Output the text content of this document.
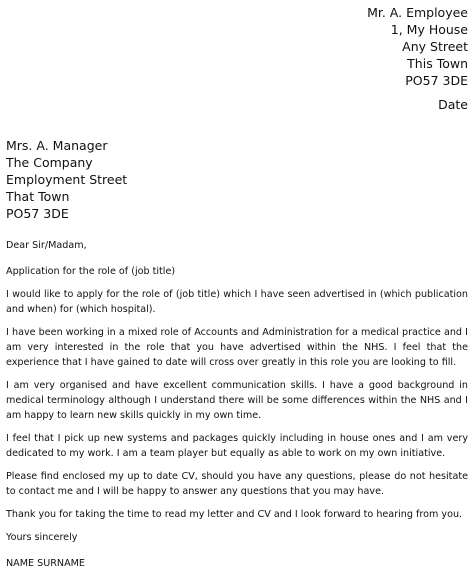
Mr. A. Employee
1, My House
Any Street
This Town
PO57 3DE
Date
Mrs. A. Manager
The Company
Employment Street
That Town
PO57 3DE

Dear Sir/Madam,

Application for the role of (job title)

I would like to apply for the role of (job title) which I have seen advertised in (which publication and when) for (which hospital).

I have been working in a mixed role of Accounts and Administration for a medical practice and I am very interested in the role that you have advertised within the NHS. I feel that the experience that I have gained to date will cross over greatly in this role you are looking to fill.

I am very organised and have excellent communication skills. I have a good background in medical terminology although I understand there will be some differences within the NHS and I am happy to learn new skills quickly in my own time.

I feel that I pick up new systems and packages quickly including in house ones and I am very dedicated to my work. I am a team player but equally as able to work on my own initiative.

Please find enclosed my up to date CV, should you have any questions, please do not hesitate to contact me and I will be happy to answer any questions that you may have.

Thank you for taking the time to read my letter and CV and I look forward to hearing from you.

Yours sincerely

NAME SURNAME
